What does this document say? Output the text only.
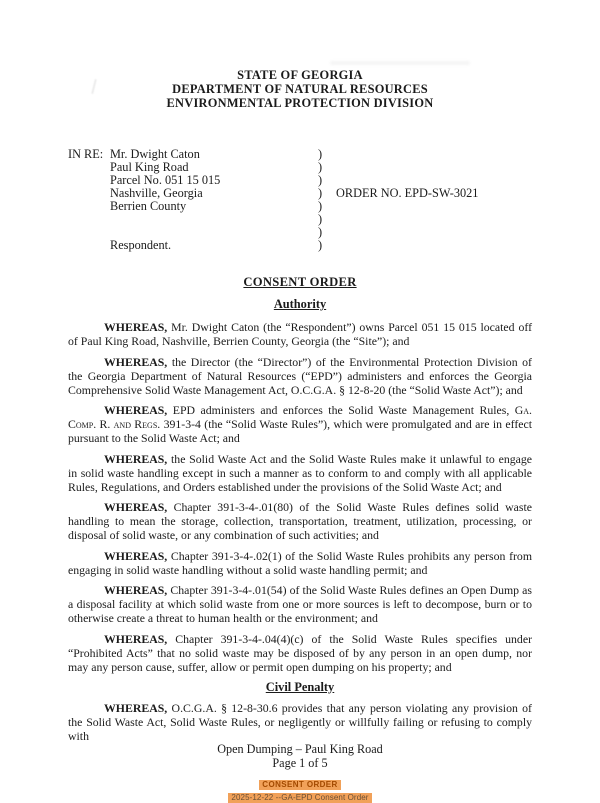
STATE OF GEORGIA
DEPARTMENT OF NATURAL RESOURCES
ENVIRONMENTAL PROTECTION DIVISION
IN RE: Mr. Dwight Caton	)
Paul King Road	)
Parcel No. 051 15 015	)
Nashville, Georgia	)	ORDER NO. EPD-SW-3021
Berrien County	)
)
)
Respondent.	)
CONSENT ORDER
Authority

WHEREAS, Mr. Dwight Caton (the “Respondent”) owns Parcel 051 15 015 located off of Paul King Road, Nashville, Berrien County, Georgia (the “Site”); and

WHEREAS, the Director (the “Director”) of the Environmental Protection Division of the Georgia Department of Natural Resources (“EPD”) administers and enforces the Georgia Comprehensive Solid Waste Management Act, O.C.G.A. § 12-8-20 (the “Solid Waste Act”); and

WHEREAS, EPD administers and enforces the Solid Waste Management Rules, Ga. Comp. R. and Regs. 391-3-4 (the “Solid Waste Rules”), which were promulgated and are in effect pursuant to the Solid Waste Act; and

WHEREAS, the Solid Waste Act and the Solid Waste Rules make it unlawful to engage in solid waste handling except in such a manner as to conform to and comply with all applicable Rules, Regulations, and Orders established under the provisions of the Solid Waste Act; and

WHEREAS, Chapter 391-3-4-.01(80) of the Solid Waste Rules defines solid waste handling to mean the storage, collection, transportation, treatment, utilization, processing, or disposal of solid waste, or any combination of such activities; and

WHEREAS, Chapter 391-3-4-.02(1) of the Solid Waste Rules prohibits any person from engaging in solid waste handling without a solid waste handling permit; and

WHEREAS, Chapter 391-3-4-.01(54) of the Solid Waste Rules defines an Open Dump as a disposal facility at which solid waste from one or more sources is left to decompose, burn or to otherwise create a threat to human health or the environment; and

WHEREAS, Chapter 391-3-4-.04(4)(c) of the Solid Waste Rules specifies under “Prohibited Acts” that no solid waste may be disposed of by any person in an open dump, nor may any person cause, suffer, allow or permit open dumping on his property; and

Civil Penalty

WHEREAS, O.C.G.A. § 12-8-30.6 provides that any person violating any provision of the Solid Waste Act, Solid Waste Rules, or negligently or willfully failing or refusing to comply with

Open Dumping – Paul King Road
Page 1 of 5
CONSENT ORDER
2025-12-22 --GA-EPD Consent Order
